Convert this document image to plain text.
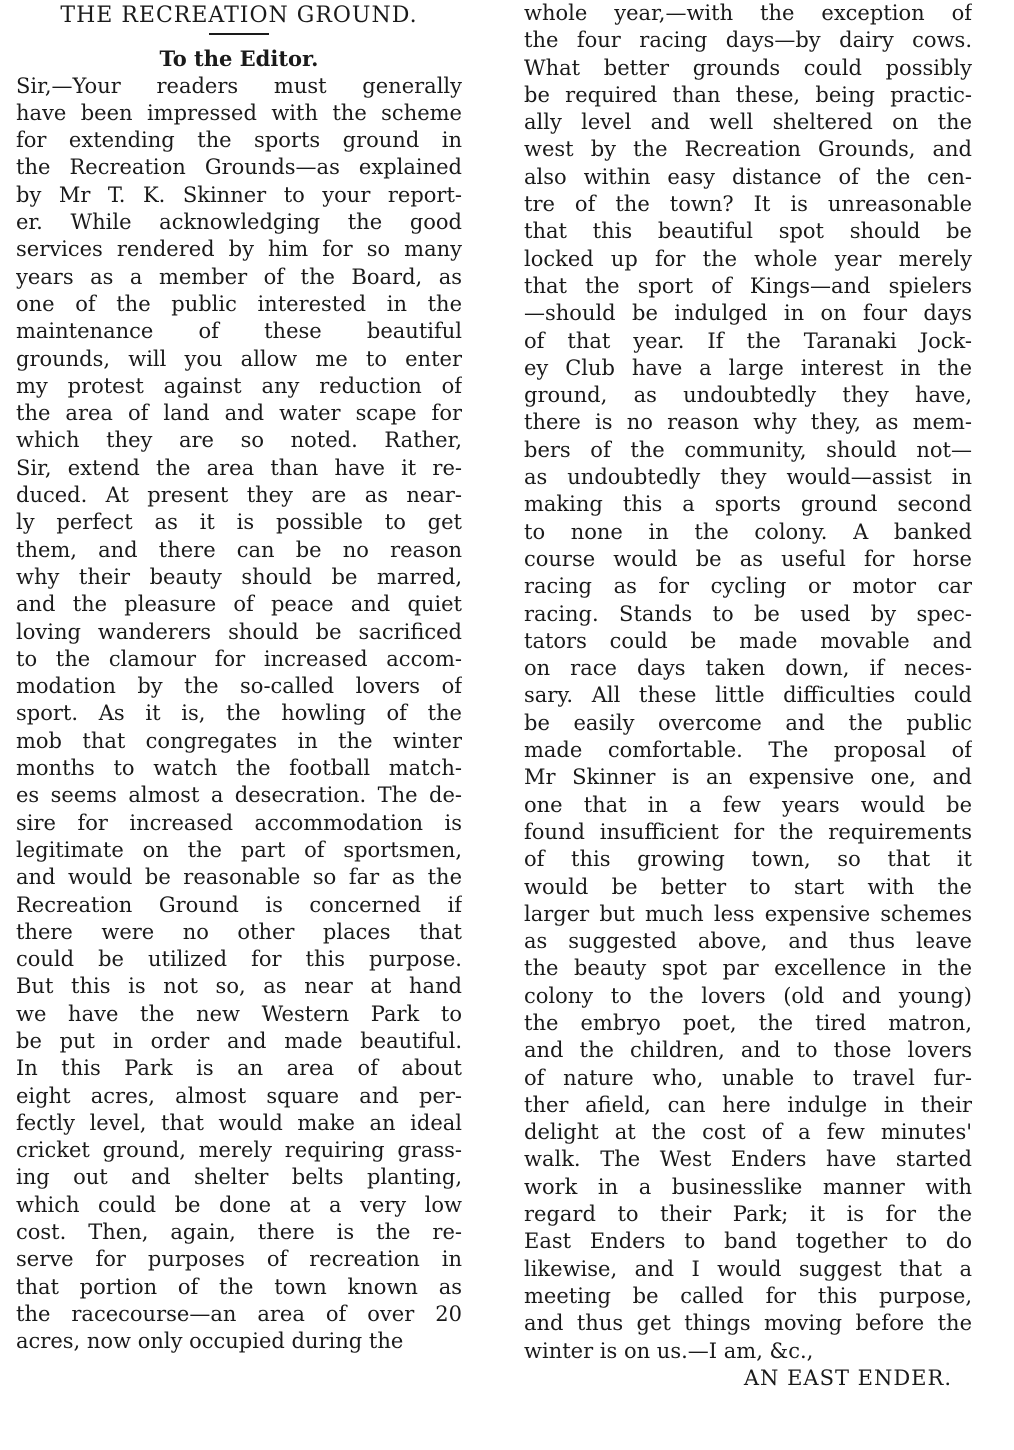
THE RECREATION GROUND.
To the Editor.
Sir,—Your readers must generally
have been impressed with the scheme
for extending the sports ground in
the Recreation Grounds—as explained
by Mr T. K. Skinner to your report-
er. While acknowledging the good
services rendered by him for so many
years as a member of the Board, as
one of the public interested in the
maintenance of these beautiful
grounds, will you allow me to enter
my protest against any reduction of
the area of land and water scape for
which they are so noted. Rather,
Sir, extend the area than have it re-
duced. At present they are as near-
ly perfect as it is possible to get
them, and there can be no reason
why their beauty should be marred,
and the pleasure of peace and quiet
loving wanderers should be sacrificed
to the clamour for increased accom-
modation by the so-called lovers of
sport. As it is, the howling of the
mob that congregates in the winter
months to watch the football match-
es seems almost a desecration. The de-
sire for increased accommodation is
legitimate on the part of sportsmen,
and would be reasonable so far as the
Recreation Ground is concerned if
there were no other places that
could be utilized for this purpose.
But this is not so, as near at hand
we have the new Western Park to
be put in order and made beautiful.
In this Park is an area of about
eight acres, almost square and per-
fectly level, that would make an ideal
cricket ground, merely requiring grass-
ing out and shelter belts planting,
which could be done at a very low
cost. Then, again, there is the re-
serve for purposes of recreation in
that portion of the town known as
the racecourse—an area of over 20
acres, now only occupied during the
whole year,—with the exception of
the four racing days—by dairy cows.
What better grounds could possibly
be required than these, being practic-
ally level and well sheltered on the
west by the Recreation Grounds, and
also within easy distance of the cen-
tre of the town? It is unreasonable
that this beautiful spot should be
locked up for the whole year merely
that the sport of Kings—and spielers
—should be indulged in on four days
of that year. If the Taranaki Jock-
ey Club have a large interest in the
ground, as undoubtedly they have,
there is no reason why they, as mem-
bers of the community, should not—
as undoubtedly they would—assist in
making this a sports ground second
to none in the colony. A banked
course would be as useful for horse
racing as for cycling or motor car
racing. Stands to be used by spec-
tators could be made movable and
on race days taken down, if neces-
sary. All these little difficulties could
be easily overcome and the public
made comfortable. The proposal of
Mr Skinner is an expensive one, and
one that in a few years would be
found insufficient for the requirements
of this growing town, so that it
would be better to start with the
larger but much less expensive schemes
as suggested above, and thus leave
the beauty spot par excellence in the
colony to the lovers (old and young)
the embryo poet, the tired matron,
and the children, and to those lovers
of nature who, unable to travel fur-
ther afield, can here indulge in their
delight at the cost of a few minutes'
walk. The West Enders have started
work in a businesslike manner with
regard to their Park; it is for the
East Enders to band together to do
likewise, and I would suggest that a
meeting be called for this purpose,
and thus get things moving before the
winter is on us.—I am, &c.,
AN EAST ENDER.
